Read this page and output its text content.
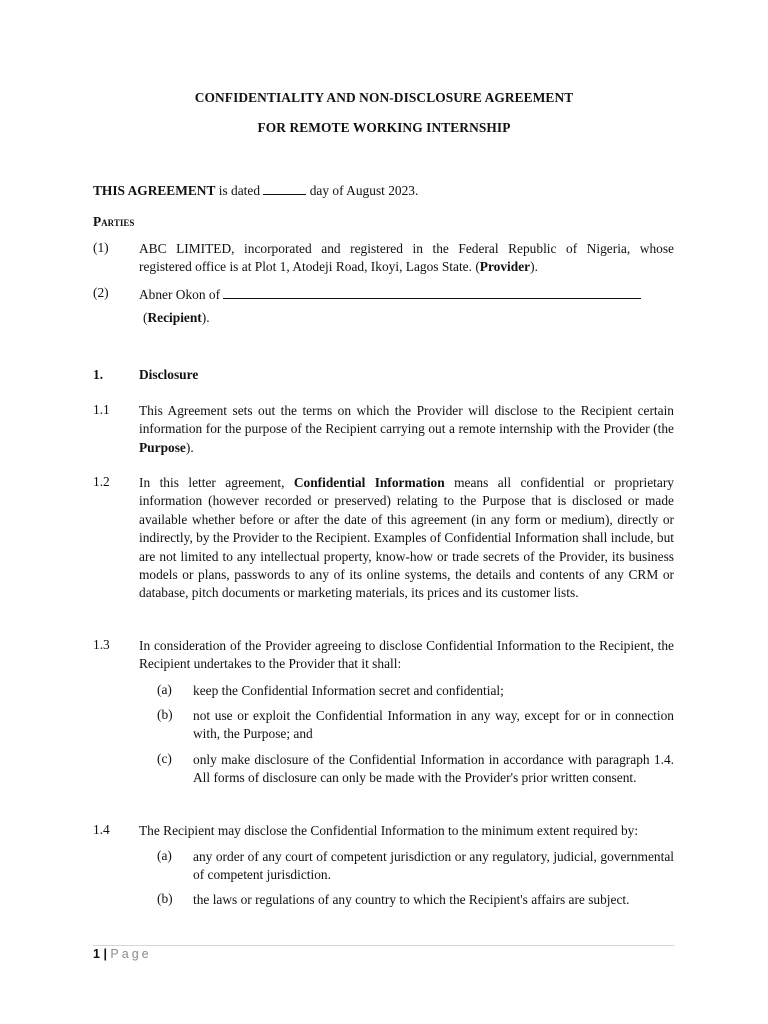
CONFIDENTIALITY AND NON-DISCLOSURE AGREEMENT

FOR REMOTE WORKING INTERNSHIP

THIS AGREEMENT is dated	day of August 2023.

Parties

(1) ABC LIMITED, incorporated and registered in the Federal Republic of Nigeria, whose

registered office is at Plot 1, Atodeji Road, Ikoyi, Lagos State. (Provider).

(2) Abner Okon of

(Recipient).

1.	Disclosure

1.1 This Agreement sets out the terms on which the Provider will disclose to the Recipient certain information for the purpose of the Recipient carrying out a remote internship with the Provider (the Purpose).

1.2 In this letter agreement, Confidential Information means all confidential or proprietary information (however recorded or preserved) relating to the Purpose that is disclosed or made available whether before or after the date of this agreement (in any form or medium), directly or indirectly, by the Provider to the Recipient. Examples of Confidential Information shall include, but are not limited to any intellectual property, know-how or trade secrets of the Provider, its business models or plans, passwords to any of its online systems, the details and contents of any CRM or database, pitch documents or marketing materials, its prices and its customer lists.

1.3 In consideration of the Provider agreeing to disclose Confidential Information to the Recipient, the Recipient undertakes to the Provider that it shall:

(a) keep the Confidential Information secret and confidential;

(b) not use or exploit the Confidential Information in any way, except for or in connection with, the Purpose; and

(c) only make disclosure of the Confidential Information in accordance with paragraph 1.4. All forms of disclosure can only be made with the Provider's prior written consent.

1.4 The Recipient may disclose the Confidential Information to the minimum extent required by:

(a) any order of any court of competent jurisdiction or any regulatory, judicial, governmental of competent jurisdiction.

(b) the laws or regulations of any country to which the Recipient's affairs are subject.

1 | Page
